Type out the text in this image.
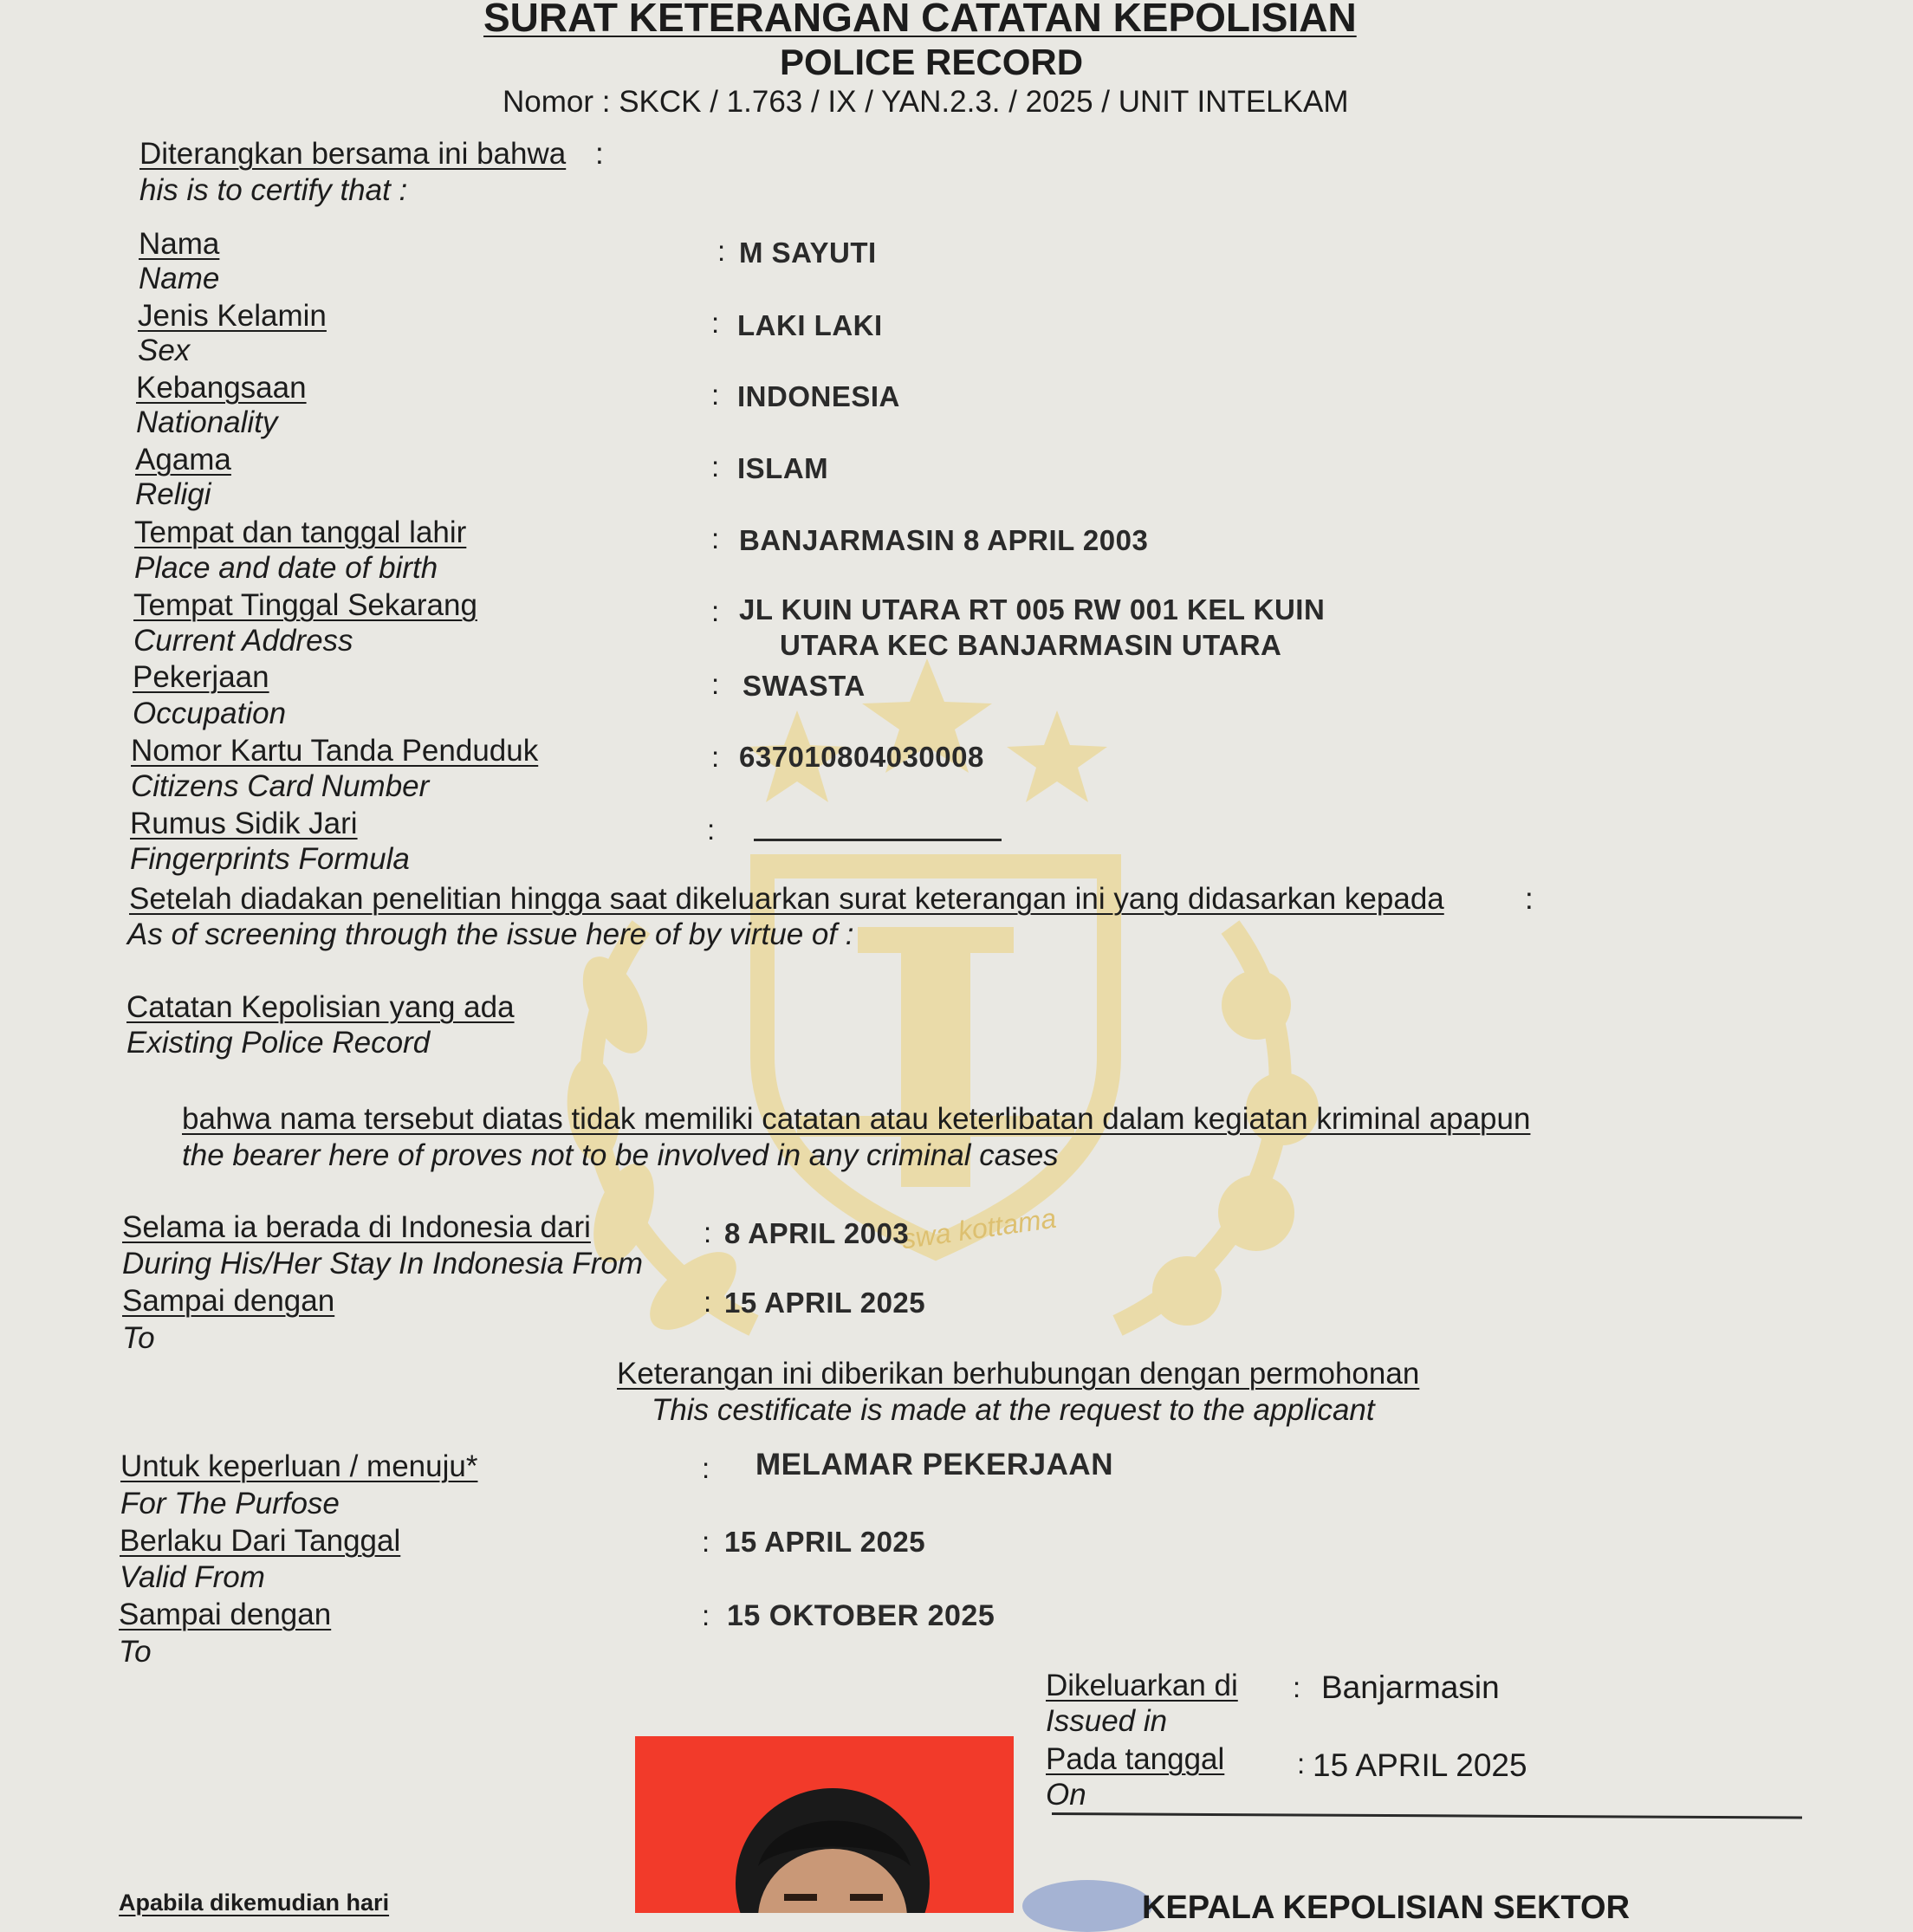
swa kottama
SURAT KETERANGAN CATATAN KEPOLISIAN
POLICE RECORD
Nomor : SKCK / 1.763 / IX / YAN.2.3. / 2025 / UNIT INTELKAM
Diterangkan bersama ini bahwa :
his is to certify that :
Nama
Name
: M SAYUTI
Jenis Kelamin
Sex
: LAKI LAKI
Kebangsaan
Nationality
: INDONESIA
Agama
Religi
: ISLAM
Tempat dan tanggal lahir
Place and date of birth
: BANJARMASIN 8 APRIL 2003
Tempat Tinggal Sekarang
Current Address
: JL KUIN UTARA RT 005 RW 001 KEL KUIN
UTARA KEC BANJARMASIN UTARA
Pekerjaan
Occupation
: SWASTA
Nomor Kartu Tanda Penduduk
Citizens Card Number
: 637010804030008
Rumus Sidik Jari
Fingerprints Formula
:
Setelah diadakan penelitian hingga saat dikeluarkan surat keterangan ini yang didasarkan kepada	:
As of screening through the issue here of by virtue of :
Catatan Kepolisian yang ada
Existing Police Record
bahwa nama tersebut diatas tidak memiliki catatan atau keterlibatan dalam kegiatan kriminal apapun
the bearer here of proves not to be involved in any criminal cases
Selama ia berada di Indonesia dari
During His/Her Stay In Indonesia From
: 8 APRIL 2003
Sampai dengan
To
: 15 APRIL 2025
Keterangan ini diberikan berhubungan dengan permohonan
This cestificate is made at the request to the applicant
Untuk keperluan / menuju*
For The Purfose
: MELAMAR PEKERJAAN
Berlaku Dari Tanggal
Valid From
: 15 APRIL 2025
Sampai dengan
To
: 15 OKTOBER 2025
Dikeluarkan di
Issued in
: Banjarmasin
Pada tanggal
On
: 15 APRIL 2025
Apabila dikemudian hari	KEPALA KEPOLISIAN SEKTOR
